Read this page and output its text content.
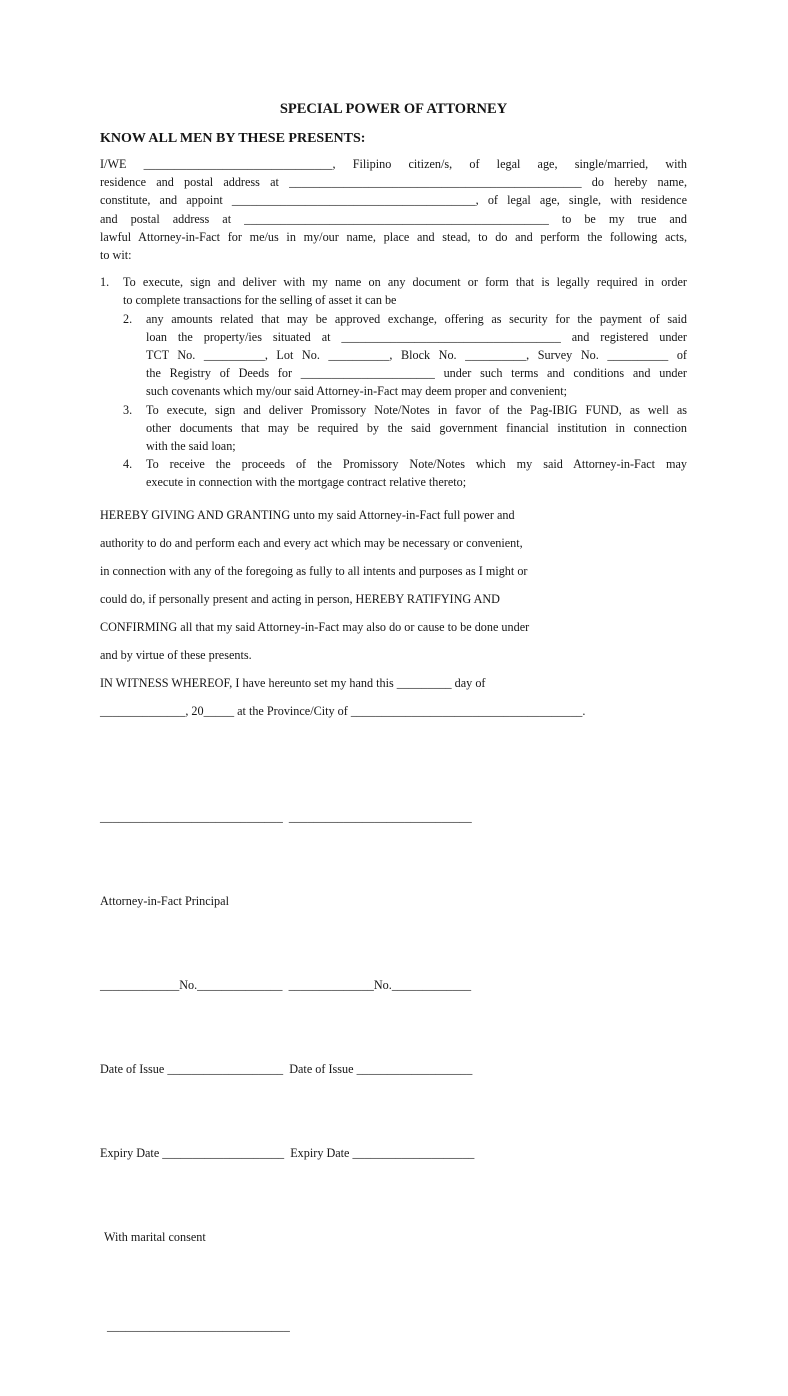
SPECIAL POWER OF ATTORNEY
KNOW ALL MEN BY THESE PRESENTS:
I/WE _______________________________, Filipino citizen/s, of legal age, single/married, with
residence and postal address at ________________________________________________ do hereby name,
constitute, and appoint ________________________________________, of legal age, single, with residence
and postal address at __________________________________________________ to be my true and
lawful Attorney-in-Fact for me/us in my/our name, place and stead, to do and perform the following acts,
to wit:
1.	To execute, sign and deliver with my name on any document or form that is legally required in order
to complete transactions for the selling of asset it can be
2.	any amounts related that may be approved exchange, offering as security for the payment of said
loan the property/ies situated at ____________________________________ and registered under
TCT No. __________, Lot No. __________, Block No. __________, Survey No. __________ of
the Registry of Deeds for ______________________ under such terms and conditions and under
such covenants which my/our said Attorney-in-Fact may deem proper and convenient;
3.	To execute, sign and deliver Promissory Note/Notes in favor of the Pag-IBIG FUND, as well as
other documents that may be required by the said government financial institution in connection
with the said loan;
4.	To receive the proceeds of the Promissory Note/Notes which my said Attorney-in-Fact may
execute in connection with the mortgage contract relative thereto;
HEREBY GIVING AND GRANTING unto my said Attorney-in-Fact full power and
authority to do and perform each and every act which may be necessary or convenient,
in connection with any of the foregoing as fully to all intents and purposes as I might or
could do, if personally present and acting in person, HEREBY RATIFYING AND
CONFIRMING all that my said Attorney-in-Fact may also do or cause to be done under
and by virtue of these presents.
IN WITNESS WHEREOF, I have hereunto set my hand this _________ day of
______________, 20_____ at the Province/City of ______________________________________.

______________________________  ______________________________

Attorney-in-Fact Principal

_____________No.______________  ______________No._____________

Date of Issue ___________________  Date of Issue ___________________

Expiry Date ____________________  Expiry Date ____________________

With marital consent

______________________________
